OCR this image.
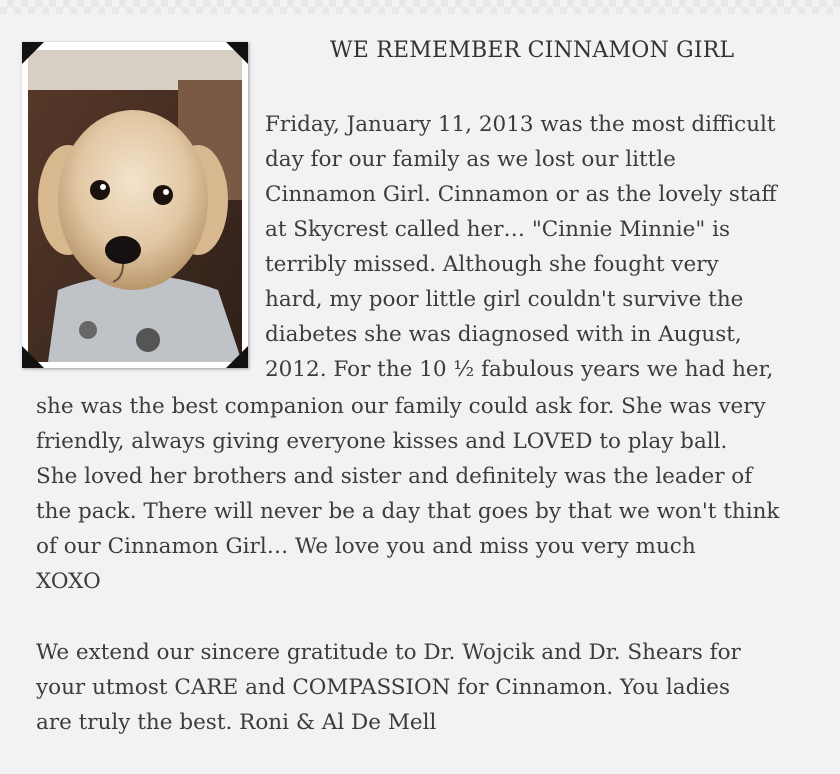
WE REMEMBER CINNAMON GIRL
Friday, January 11, 2013 was the most difficult
day for our family as we lost our little
Cinnamon Girl. Cinnamon or as the lovely staff
at Skycrest called her… "Cinnie Minnie" is
terribly missed. Although she fought very
hard, my poor little girl couldn't survive the
diabetes she was diagnosed with in August,
2012. For the 10 ½ fabulous years we had her,
she was the best companion our family could ask for. She was very
friendly, always giving everyone kisses and LOVED to play ball.
She loved her brothers and sister and definitely was the leader of
the pack. There will never be a day that goes by that we won't think
of our Cinnamon Girl… We love you and miss you very much
XOXO
We extend our sincere gratitude to Dr. Wojcik and Dr. Shears for
your utmost CARE and COMPASSION for Cinnamon. You ladies
are truly the best. Roni & Al De Mell
